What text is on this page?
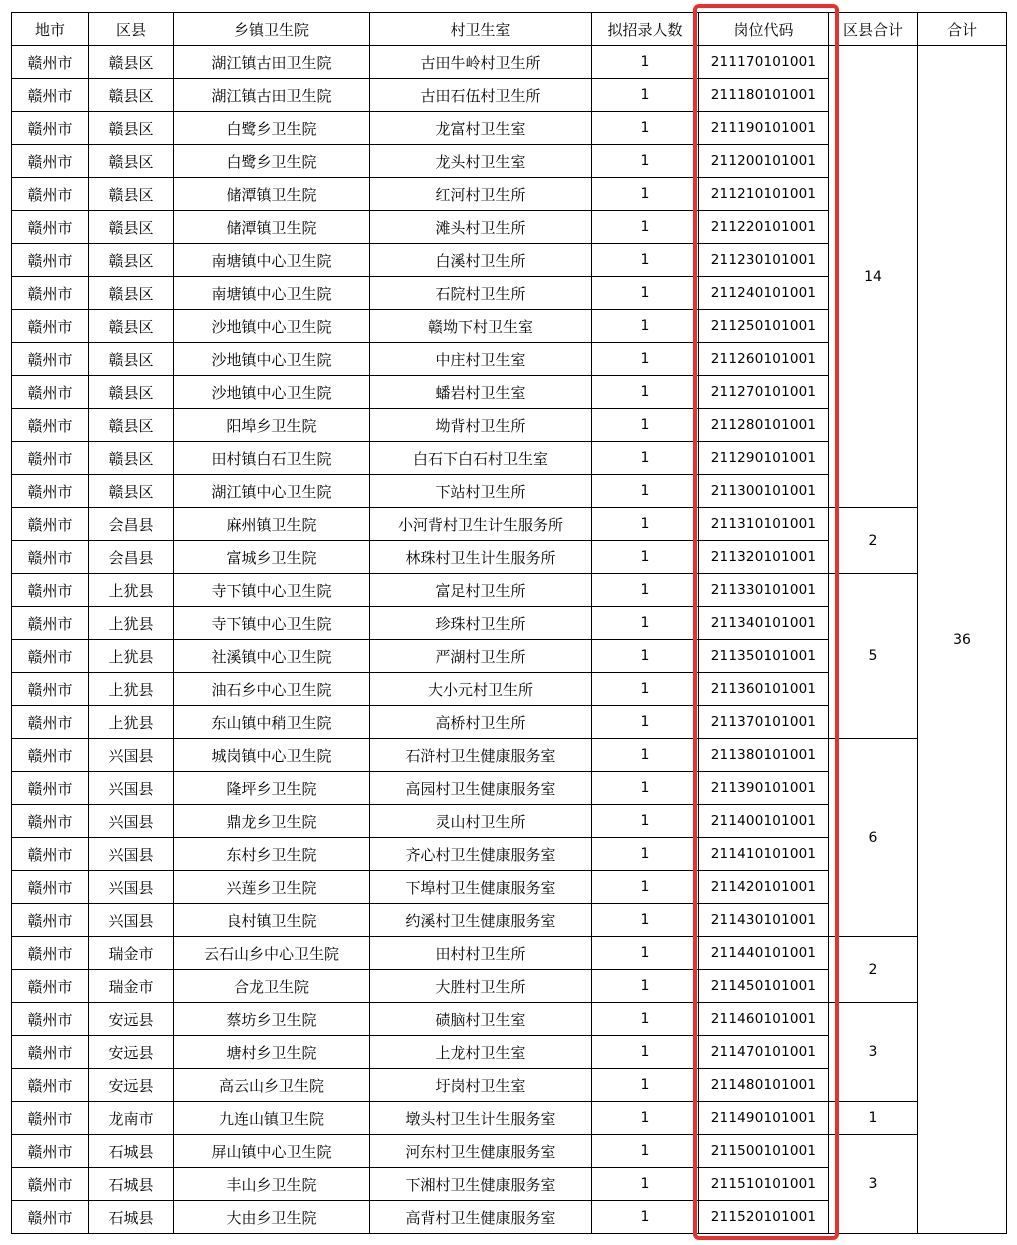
地市	区县	乡镇卫生院	村卫生室	拟招录人数	岗位代码	区县合计	合计
赣州市	赣县区	湖江镇古田卫生院	古田牛岭村卫生所	1	211170101001	14	36
赣州市	赣县区	湖江镇古田卫生院	古田石伍村卫生所	1	211180101001		
赣州市	赣县区	白鹭乡卫生院	龙富村卫生室	1	211190101001		
赣州市	赣县区	白鹭乡卫生院	龙头村卫生室	1	211200101001		
赣州市	赣县区	储潭镇卫生院	红河村卫生所	1	211210101001		
赣州市	赣县区	储潭镇卫生院	滩头村卫生所	1	211220101001		
赣州市	赣县区	南塘镇中心卫生院	白溪村卫生所	1	211230101001		
赣州市	赣县区	南塘镇中心卫生院	石院村卫生所	1	211240101001		
赣州市	赣县区	沙地镇中心卫生院	赣坳下村卫生室	1	211250101001		
赣州市	赣县区	沙地镇中心卫生院	中庄村卫生室	1	211260101001		
赣州市	赣县区	沙地镇中心卫生院	蟠岩村卫生室	1	211270101001		
赣州市	赣县区	阳埠乡卫生院	坳背村卫生所	1	211280101001		
赣州市	赣县区	田村镇白石卫生院	白石下白石村卫生室	1	211290101001		
赣州市	赣县区	湖江镇中心卫生院	下站村卫生所	1	211300101001		
赣州市	会昌县	麻州镇卫生院	小河背村卫生计生服务所	1	211310101001	2	
赣州市	会昌县	富城乡卫生院	林珠村卫生计生服务所	1	211320101001		
赣州市	上犹县	寺下镇中心卫生院	富足村卫生所	1	211330101001	5	
赣州市	上犹县	寺下镇中心卫生院	珍珠村卫生所	1	211340101001		
赣州市	上犹县	社溪镇中心卫生院	严湖村卫生所	1	211350101001		
赣州市	上犹县	油石乡中心卫生院	大小元村卫生所	1	211360101001		
赣州市	上犹县	东山镇中稍卫生院	高桥村卫生所	1	211370101001		
赣州市	兴国县	城岗镇中心卫生院	石浒村卫生健康服务室	1	211380101001	6	
赣州市	兴国县	隆坪乡卫生院	高园村卫生健康服务室	1	211390101001		
赣州市	兴国县	鼎龙乡卫生院	灵山村卫生所	1	211400101001		
赣州市	兴国县	东村乡卫生院	齐心村卫生健康服务室	1	211410101001		
赣州市	兴国县	兴莲乡卫生院	下埠村卫生健康服务室	1	211420101001		
赣州市	兴国县	良村镇卫生院	约溪村卫生健康服务室	1	211430101001		
赣州市	瑞金市	云石山乡中心卫生院	田村村卫生所	1	211440101001	2	
赣州市	瑞金市	合龙卫生院	大胜村卫生所	1	211450101001		
赣州市	安远县	蔡坊乡卫生院	碛脑村卫生室	1	211460101001	3	
赣州市	安远县	塘村乡卫生院	上龙村卫生室	1	211470101001		
赣州市	安远县	高云山乡卫生院	圩岗村卫生室	1	211480101001		
赣州市	龙南市	九连山镇卫生院	墩头村卫生计生服务室	1	211490101001	1	
赣州市	石城县	屏山镇中心卫生院	河东村卫生健康服务室	1	211500101001	3	
赣州市	石城县	丰山乡卫生院	下湘村卫生健康服务室	1	211510101001		
赣州市	石城县	大由乡卫生院	高背村卫生健康服务室	1	211520101001		
